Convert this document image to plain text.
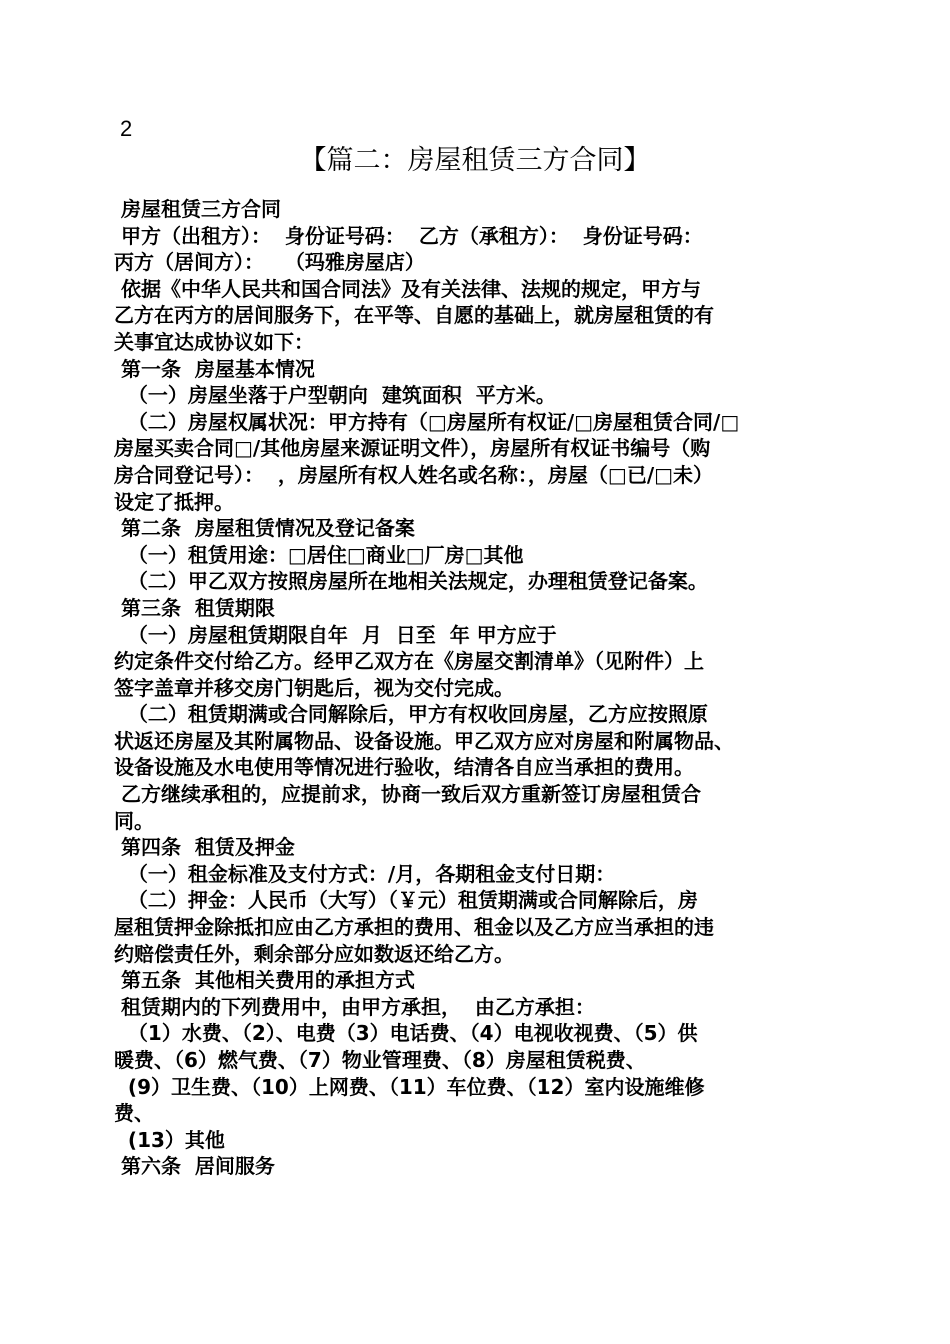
2
【篇二：房屋租赁三方合同】
房屋租赁三方合同
甲方（出租方）：  身份证号码：  乙方（承租方）：  身份证号码：
丙方（居间方）：   （玛雅房屋店）
依据《中华人民共和国合同法》及有关法律、法规的规定，甲方与
乙方在丙方的居间服务下，在平等、自愿的基础上，就房屋租赁的有
关事宜达成协议如下：
第一条  房屋基本情况
（一）房屋坐落于户型朝向  建筑面积  平方米。
（二）房屋权属状况：甲方持有（□房屋所有权证/□房屋租赁合同/□
房屋买卖合同□/其他房屋来源证明文件），房屋所有权证书编号（购
房合同登记号）：  ，房屋所有权人姓名或名称：，房屋（□已/□未）
设定了抵押。
第二条  房屋租赁情况及登记备案
（一）租赁用途：□居住□商业□厂房□其他
（二）甲乙双方按照房屋所在地相关法规定，办理租赁登记备案。
第三条  租赁期限
（一）房屋租赁期限自年  月  日至  年 甲方应于
约定条件交付给乙方。经甲乙双方在《房屋交割清单》（见附件）上
签字盖章并移交房门钥匙后，视为交付完成。
（二）租赁期满或合同解除后，甲方有权收回房屋，乙方应按照原
状返还房屋及其附属物品、设备设施。甲乙双方应对房屋和附属物品、
设备设施及水电使用等情况进行验收，结清各自应当承担的费用。
乙方继续承租的，应提前求，协商一致后双方重新签订房屋租赁合
同。
第四条  租赁及押金
（一）租金标准及支付方式：/月，各期租金支付日期：
（二）押金：人民币（大写）（￥元）租赁期满或合同解除后，房
屋租赁押金除抵扣应由乙方承担的费用、租金以及乙方应当承担的违
约赔偿责任外，剩余部分应如数返还给乙方。
第五条  其他相关费用的承担方式
租赁期内的下列费用中，由甲方承担，  由乙方承担：
（1）水费、（2）、电费（3）电话费、（4）电视收视费、（5）供
暖费、（6）燃气费、（7）物业管理费、（8）房屋租赁税费、
(9）卫生费、（10）上网费、（11）车位费、（12）室内设施维修
费、
(13）其他
第六条  居间服务
